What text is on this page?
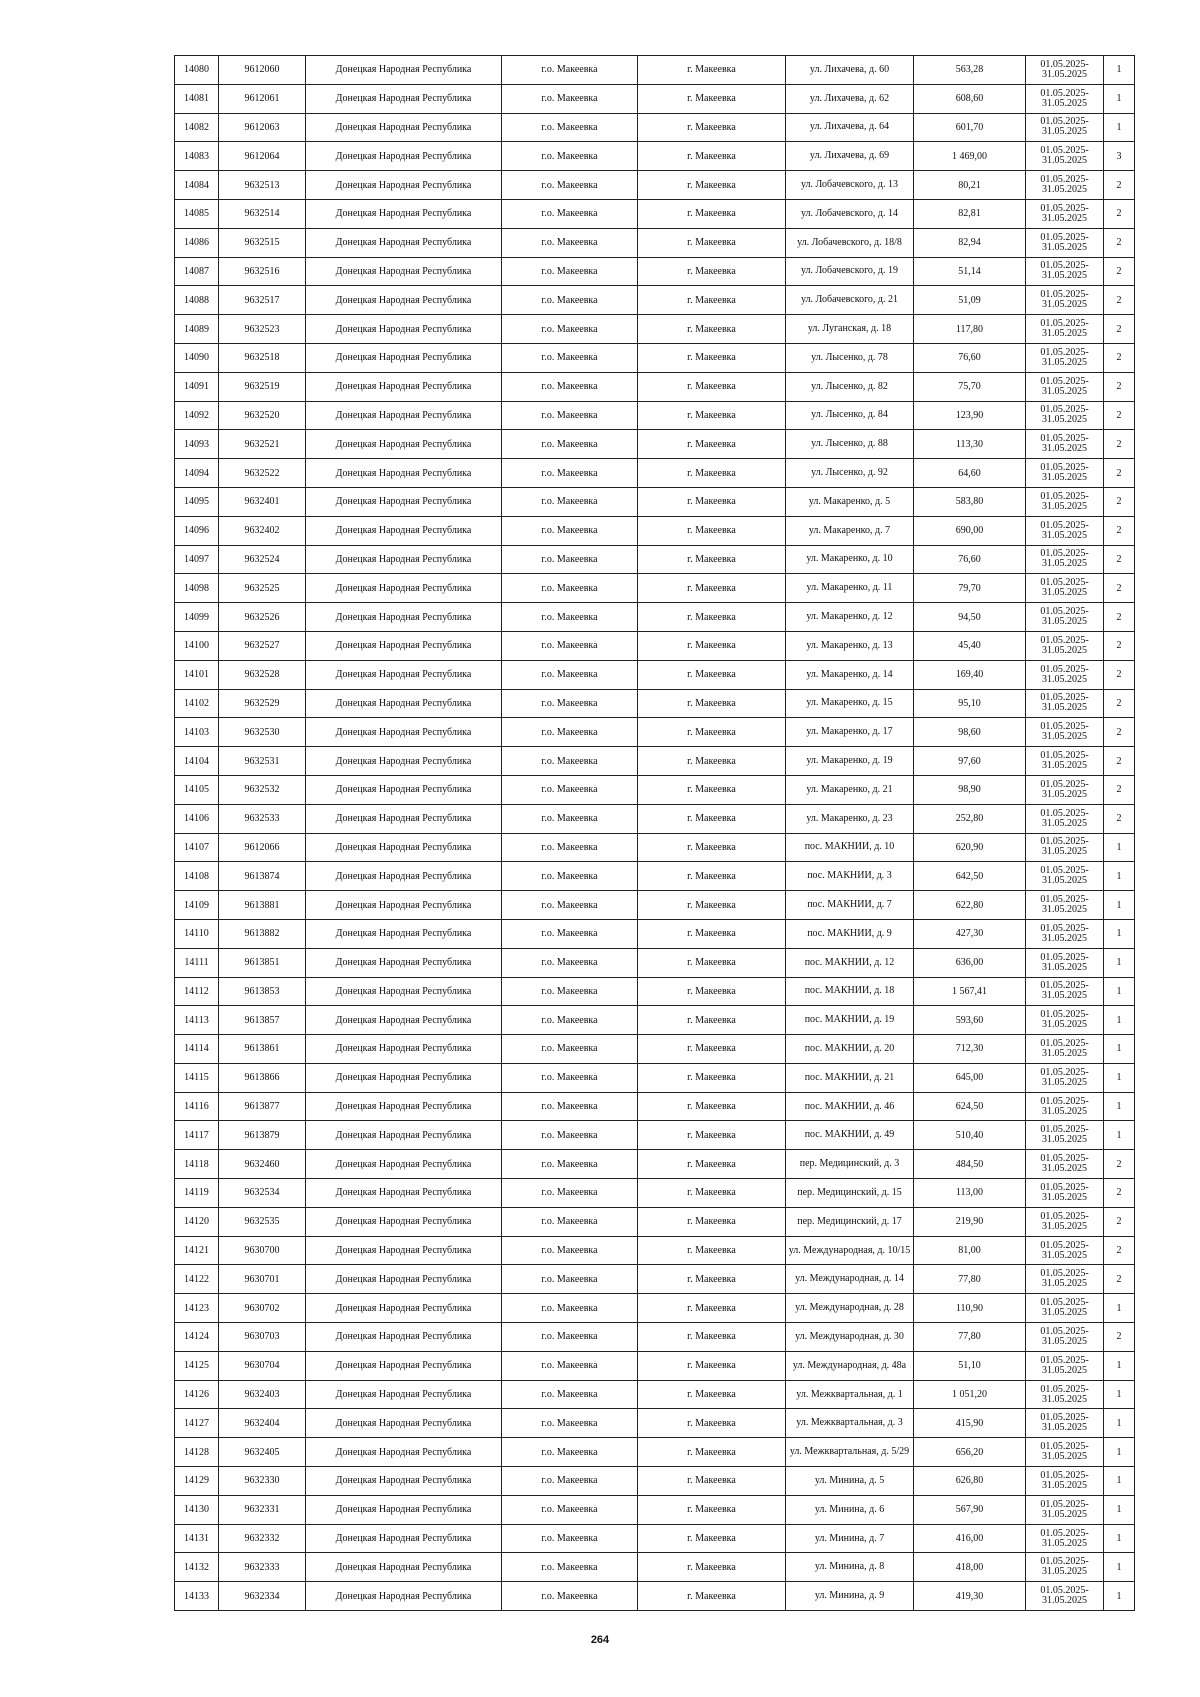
14080	9612060	Донецкая Народная Республика	г.о. Макеевка	г. Макеевка	ул. Лихачева, д. 60	563,28	01.05.2025- 31.05.2025	1
14081	9612061	Донецкая Народная Республика	г.о. Макеевка	г. Макеевка	ул. Лихачева, д. 62	608,60	01.05.2025- 31.05.2025	1
14082	9612063	Донецкая Народная Республика	г.о. Макеевка	г. Макеевка	ул. Лихачева, д. 64	601,70	01.05.2025- 31.05.2025	1
14083	9612064	Донецкая Народная Республика	г.о. Макеевка	г. Макеевка	ул. Лихачева, д. 69	1 469,00	01.05.2025- 31.05.2025	3
14084	9632513	Донецкая Народная Республика	г.о. Макеевка	г. Макеевка	ул. Лобачевского, д. 13	80,21	01.05.2025- 31.05.2025	2
14085	9632514	Донецкая Народная Республика	г.о. Макеевка	г. Макеевка	ул. Лобачевского, д. 14	82,81	01.05.2025- 31.05.2025	2
14086	9632515	Донецкая Народная Республика	г.о. Макеевка	г. Макеевка	ул. Лобачевского, д. 18/8	82,94	01.05.2025- 31.05.2025	2
14087	9632516	Донецкая Народная Республика	г.о. Макеевка	г. Макеевка	ул. Лобачевского, д. 19	51,14	01.05.2025- 31.05.2025	2
14088	9632517	Донецкая Народная Республика	г.о. Макеевка	г. Макеевка	ул. Лобачевского, д. 21	51,09	01.05.2025- 31.05.2025	2
14089	9632523	Донецкая Народная Республика	г.о. Макеевка	г. Макеевка	ул. Луганская, д. 18	117,80	01.05.2025- 31.05.2025	2
14090	9632518	Донецкая Народная Республика	г.о. Макеевка	г. Макеевка	ул. Лысенко, д. 78	76,60	01.05.2025- 31.05.2025	2
14091	9632519	Донецкая Народная Республика	г.о. Макеевка	г. Макеевка	ул. Лысенко, д. 82	75,70	01.05.2025- 31.05.2025	2
14092	9632520	Донецкая Народная Республика	г.о. Макеевка	г. Макеевка	ул. Лысенко, д. 84	123,90	01.05.2025- 31.05.2025	2
14093	9632521	Донецкая Народная Республика	г.о. Макеевка	г. Макеевка	ул. Лысенко, д. 88	113,30	01.05.2025- 31.05.2025	2
14094	9632522	Донецкая Народная Республика	г.о. Макеевка	г. Макеевка	ул. Лысенко, д. 92	64,60	01.05.2025- 31.05.2025	2
14095	9632401	Донецкая Народная Республика	г.о. Макеевка	г. Макеевка	ул. Макаренко, д. 5	583,80	01.05.2025- 31.05.2025	2
14096	9632402	Донецкая Народная Республика	г.о. Макеевка	г. Макеевка	ул. Макаренко, д. 7	690,00	01.05.2025- 31.05.2025	2
14097	9632524	Донецкая Народная Республика	г.о. Макеевка	г. Макеевка	ул. Макаренко, д. 10	76,60	01.05.2025- 31.05.2025	2
14098	9632525	Донецкая Народная Республика	г.о. Макеевка	г. Макеевка	ул. Макаренко, д. 11	79,70	01.05.2025- 31.05.2025	2
14099	9632526	Донецкая Народная Республика	г.о. Макеевка	г. Макеевка	ул. Макаренко, д. 12	94,50	01.05.2025- 31.05.2025	2
14100	9632527	Донецкая Народная Республика	г.о. Макеевка	г. Макеевка	ул. Макаренко, д. 13	45,40	01.05.2025- 31.05.2025	2
14101	9632528	Донецкая Народная Республика	г.о. Макеевка	г. Макеевка	ул. Макаренко, д. 14	169,40	01.05.2025- 31.05.2025	2
14102	9632529	Донецкая Народная Республика	г.о. Макеевка	г. Макеевка	ул. Макаренко, д. 15	95,10	01.05.2025- 31.05.2025	2
14103	9632530	Донецкая Народная Республика	г.о. Макеевка	г. Макеевка	ул. Макаренко, д. 17	98,60	01.05.2025- 31.05.2025	2
14104	9632531	Донецкая Народная Республика	г.о. Макеевка	г. Макеевка	ул. Макаренко, д. 19	97,60	01.05.2025- 31.05.2025	2
14105	9632532	Донецкая Народная Республика	г.о. Макеевка	г. Макеевка	ул. Макаренко, д. 21	98,90	01.05.2025- 31.05.2025	2
14106	9632533	Донецкая Народная Республика	г.о. Макеевка	г. Макеевка	ул. Макаренко, д. 23	252,80	01.05.2025- 31.05.2025	2
14107	9612066	Донецкая Народная Республика	г.о. Макеевка	г. Макеевка	пос. МАКНИИ, д. 10	620,90	01.05.2025- 31.05.2025	1
14108	9613874	Донецкая Народная Республика	г.о. Макеевка	г. Макеевка	пос. МАКНИИ, д. 3	642,50	01.05.2025- 31.05.2025	1
14109	9613881	Донецкая Народная Республика	г.о. Макеевка	г. Макеевка	пос. МАКНИИ, д. 7	622,80	01.05.2025- 31.05.2025	1
14110	9613882	Донецкая Народная Республика	г.о. Макеевка	г. Макеевка	пос. МАКНИИ, д. 9	427,30	01.05.2025- 31.05.2025	1
14111	9613851	Донецкая Народная Республика	г.о. Макеевка	г. Макеевка	пос. МАКНИИ, д. 12	636,00	01.05.2025- 31.05.2025	1
14112	9613853	Донецкая Народная Республика	г.о. Макеевка	г. Макеевка	пос. МАКНИИ, д. 18	1 567,41	01.05.2025- 31.05.2025	1
14113	9613857	Донецкая Народная Республика	г.о. Макеевка	г. Макеевка	пос. МАКНИИ, д. 19	593,60	01.05.2025- 31.05.2025	1
14114	9613861	Донецкая Народная Республика	г.о. Макеевка	г. Макеевка	пос. МАКНИИ, д. 20	712,30	01.05.2025- 31.05.2025	1
14115	9613866	Донецкая Народная Республика	г.о. Макеевка	г. Макеевка	пос. МАКНИИ, д. 21	645,00	01.05.2025- 31.05.2025	1
14116	9613877	Донецкая Народная Республика	г.о. Макеевка	г. Макеевка	пос. МАКНИИ, д. 46	624,50	01.05.2025- 31.05.2025	1
14117	9613879	Донецкая Народная Республика	г.о. Макеевка	г. Макеевка	пос. МАКНИИ, д. 49	510,40	01.05.2025- 31.05.2025	1
14118	9632460	Донецкая Народная Республика	г.о. Макеевка	г. Макеевка	пер. Медицинский, д. 3	484,50	01.05.2025- 31.05.2025	2
14119	9632534	Донецкая Народная Республика	г.о. Макеевка	г. Макеевка	пер. Медицинский, д. 15	113,00	01.05.2025- 31.05.2025	2
14120	9632535	Донецкая Народная Республика	г.о. Макеевка	г. Макеевка	пер. Медицинский, д. 17	219,90	01.05.2025- 31.05.2025	2
14121	9630700	Донецкая Народная Республика	г.о. Макеевка	г. Макеевка	ул. Международная, д. 10/15	81,00	01.05.2025- 31.05.2025	2
14122	9630701	Донецкая Народная Республика	г.о. Макеевка	г. Макеевка	ул. Международная, д. 14	77,80	01.05.2025- 31.05.2025	2
14123	9630702	Донецкая Народная Республика	г.о. Макеевка	г. Макеевка	ул. Международная, д. 28	110,90	01.05.2025- 31.05.2025	1
14124	9630703	Донецкая Народная Республика	г.о. Макеевка	г. Макеевка	ул. Международная, д. 30	77,80	01.05.2025- 31.05.2025	2
14125	9630704	Донецкая Народная Республика	г.о. Макеевка	г. Макеевка	ул. Международная, д. 48а	51,10	01.05.2025- 31.05.2025	1
14126	9632403	Донецкая Народная Республика	г.о. Макеевка	г. Макеевка	ул. Межквартальная, д. 1	1 051,20	01.05.2025- 31.05.2025	1
14127	9632404	Донецкая Народная Республика	г.о. Макеевка	г. Макеевка	ул. Межквартальная, д. 3	415,90	01.05.2025- 31.05.2025	1
14128	9632405	Донецкая Народная Республика	г.о. Макеевка	г. Макеевка	ул. Межквартальная, д. 5/29	656,20	01.05.2025- 31.05.2025	1
14129	9632330	Донецкая Народная Республика	г.о. Макеевка	г. Макеевка	ул. Минина, д. 5	626,80	01.05.2025- 31.05.2025	1
14130	9632331	Донецкая Народная Республика	г.о. Макеевка	г. Макеевка	ул. Минина, д. 6	567,90	01.05.2025- 31.05.2025	1
14131	9632332	Донецкая Народная Республика	г.о. Макеевка	г. Макеевка	ул. Минина, д. 7	416,00	01.05.2025- 31.05.2025	1
14132	9632333	Донецкая Народная Республика	г.о. Макеевка	г. Макеевка	ул. Минина, д. 8	418,00	01.05.2025- 31.05.2025	1
14133	9632334	Донецкая Народная Республика	г.о. Макеевка	г. Макеевка	ул. Минина, д. 9	419,30	01.05.2025- 31.05.2025	1
264
